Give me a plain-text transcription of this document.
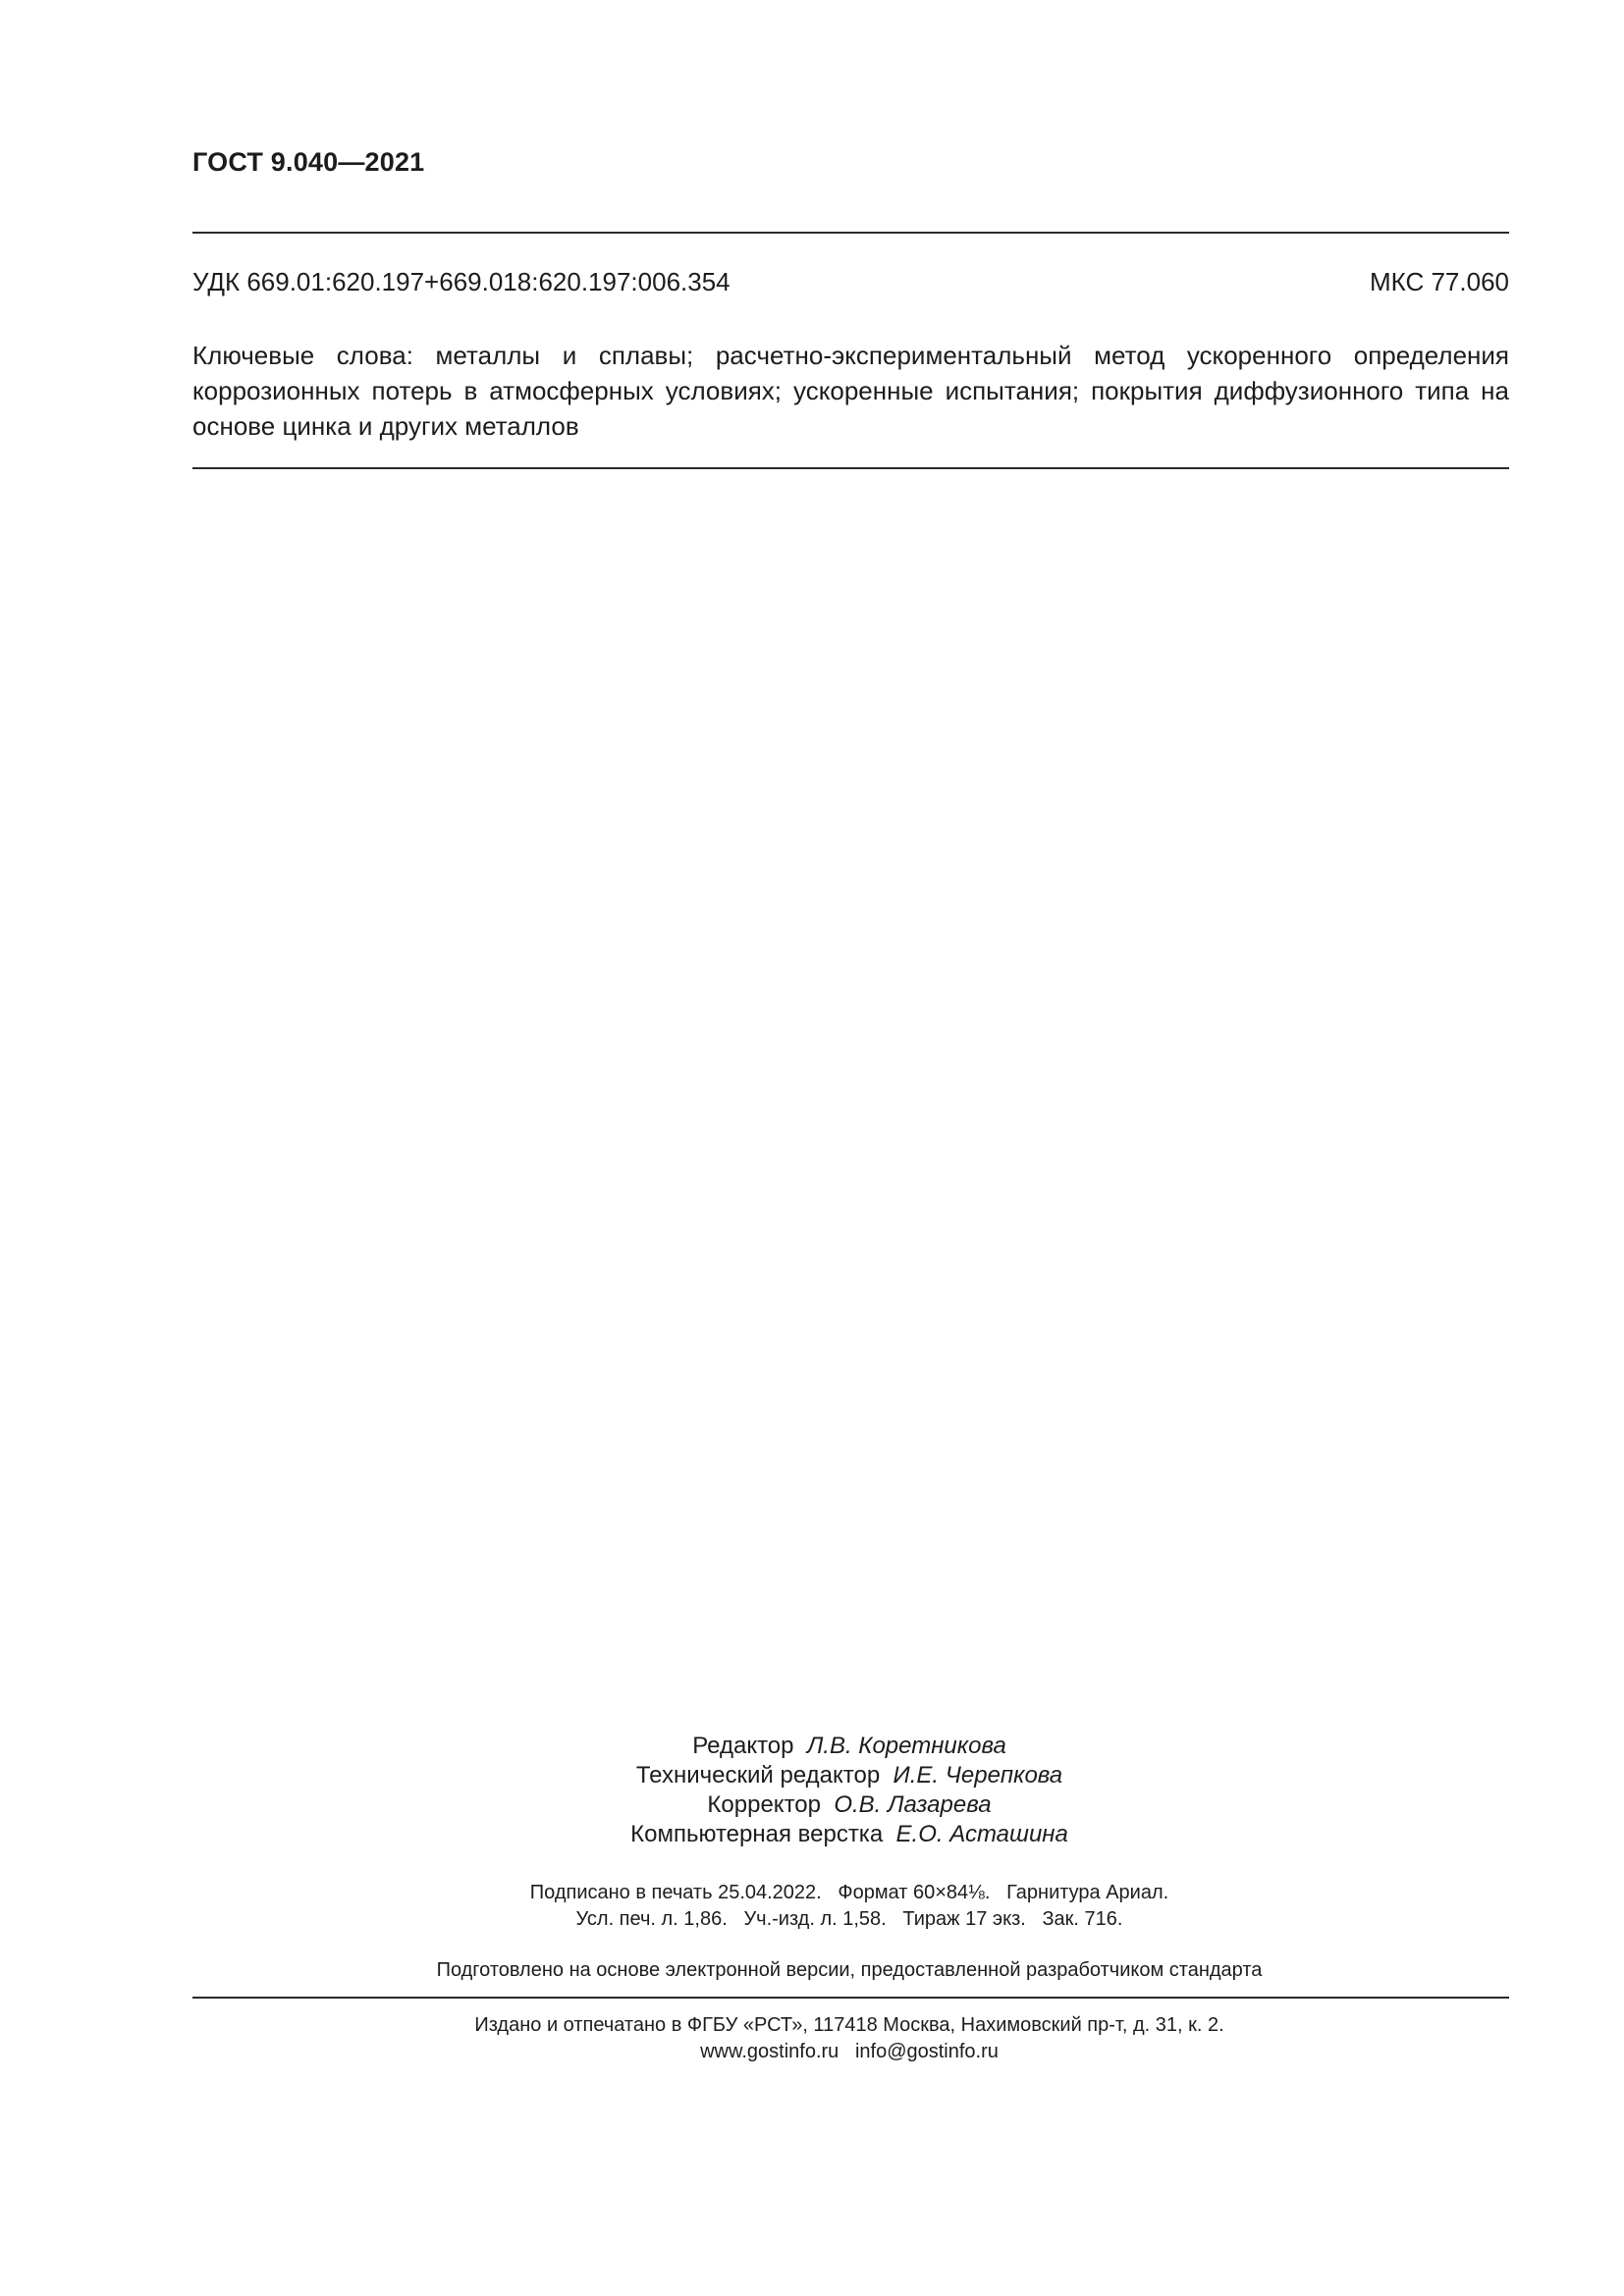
ГОСТ 9.040—2021
УДК 669.01:620.197+669.018:620.197:006.354	МКС 77.060

Ключевые слова: металлы и сплавы; расчетно-экспериментальный метод ускоренного определения коррозионных потерь в атмосферных условиях; ускоренные испытания; покрытия диффузионного типа на основе цинка и других металлов

Редактор Л.В. Коретникова
Технический редактор И.Е. Черепкова
Корректор О.В. Лазарева
Компьютерная верстка Е.О. Асташина
Подписано в печать 25.04.2022.   Формат 60×84⅛.   Гарнитура Ариал.
Усл. печ. л. 1,86.   Уч.-изд. л. 1,58.   Тираж 17 экз.   Зак. 716.
Подготовлено на основе электронной версии, предоставленной разработчиком стандарта
Издано и отпечатано в ФГБУ «РСТ», 117418 Москва, Нахимовский пр-т, д. 31, к. 2.
www.gostinfo.ru info@gostinfo.ru
